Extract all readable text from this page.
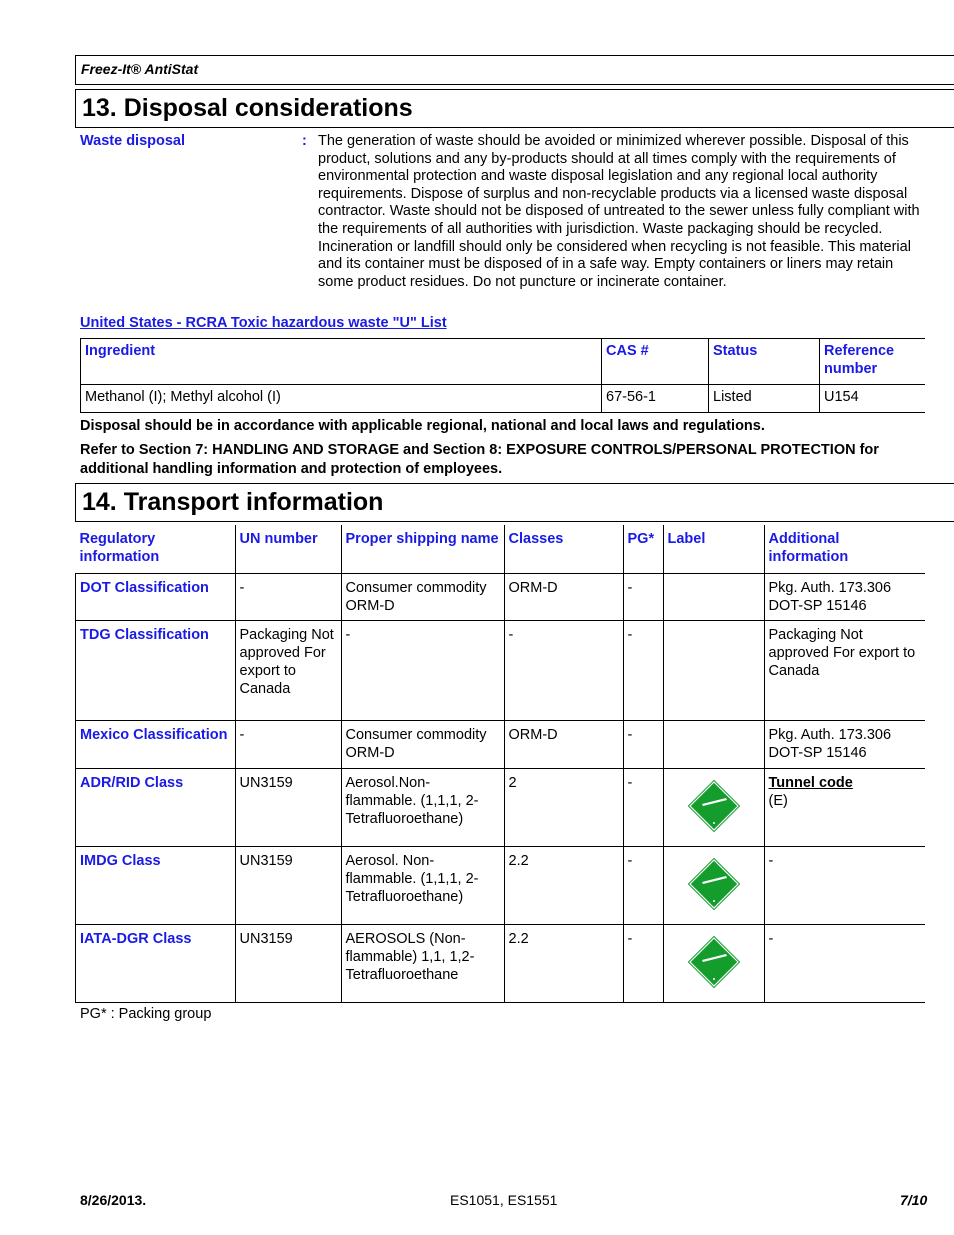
Freez-It® AntiStat
13. Disposal considerations
Waste disposal	: The generation of waste should be avoided or minimized wherever possible. Disposal of this product, solutions and any by-products should at all times comply with the requirements of environmental protection and waste disposal legislation and any regional local authority requirements. Dispose of surplus and non-recyclable products via a licensed waste disposal contractor. Waste should not be disposed of untreated to the sewer unless fully compliant with the requirements of all authorities with jurisdiction. Waste packaging should be recycled. Incineration or landfill should only be considered when recycling is not feasible. This material and its container must be disposed of in a safe way. Empty containers or liners may retain some product residues. Do not puncture or incinerate container.
United States - RCRA Toxic hazardous waste "U" List
Ingredient	CAS #	Status	Reference number
Methanol (I); Methyl alcohol (I)	67-56-1	Listed	U154
Disposal should be in accordance with applicable regional, national and local laws and regulations.
Refer to Section 7: HANDLING AND STORAGE and Section 8: EXPOSURE CONTROLS/PERSONAL PROTECTION for additional handling information and protection of employees.
14. Transport information
Regulatory information	UN number	Proper shipping name	Classes	PG*	Label	Additional information
DOT Classification	-	Consumer commodity ORM-D	ORM-D	-		Pkg. Auth. 173.306 DOT-SP 15146
TDG Classification	Packaging Not approved For export to Canada	-	-	-		Packaging Not approved For export to Canada
Mexico Classification	-	Consumer commodity ORM-D	ORM-D	-		Pkg. Auth. 173.306 DOT-SP 15146
ADR/RID Class	UN3159	Aerosol.Non-flammable. (1,1,1, 2-Tetrafluoroethane)	2	-		Tunnel code
(E)

IMDG Class	UN3159	Aerosol. Non-flammable. (1,1,1, 2-Tetrafluoroethane)	2.2	-		-
IATA-DGR Class	UN3159	AEROSOLS (Non-flammable) 1,1, 1,2-Tetrafluoroethane	2.2	-		-
PG* : Packing group
8/26/2013.	ES1051, ES1551	7/10
